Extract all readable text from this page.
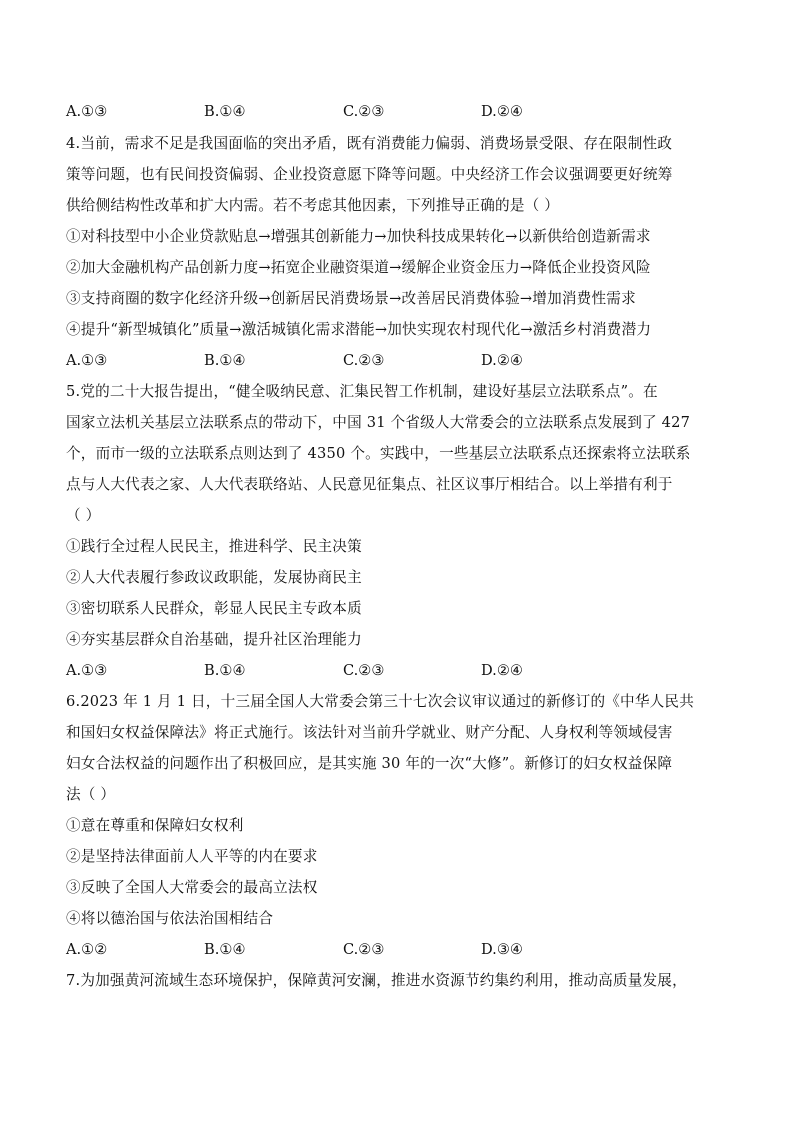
A.①③	B.①④	C.②③	D.②④
4.当前，需求不足是我国面临的突出矛盾，既有消费能力偏弱、消费场景受限、存在限制性政
策等问题，也有民间投资偏弱、企业投资意愿下降等问题。中央经济工作会议强调要更好统筹
供给侧结构性改革和扩大内需。若不考虑其他因素，下列推导正确的是（ ）
①对科技型中小企业贷款贴息→增强其创新能力→加快科技成果转化→以新供给创造新需求
②加大金融机构产品创新力度→拓宽企业融资渠道→缓解企业资金压力→降低企业投资风险
③支持商圈的数字化经济升级→创新居民消费场景→改善居民消费体验→增加消费性需求
④提升“新型城镇化”质量→激活城镇化需求潜能→加快实现农村现代化→激活乡村消费潜力
A.①③	B.①④	C.②③	D.②④
5.党的二十大报告提出，“健全吸纳民意、汇集民智工作机制，建设好基层立法联系点”。在
国家立法机关基层立法联系点的带动下，中国 31 个省级人大常委会的立法联系点发展到了 427
个，而市一级的立法联系点则达到了 4350 个。实践中，一些基层立法联系点还探索将立法联系
点与人大代表之家、人大代表联络站、人民意见征集点、社区议事厅相结合。以上举措有利于
（ ）
①践行全过程人民民主，推进科学、民主决策
②人大代表履行参政议政职能，发展协商民主
③密切联系人民群众，彰显人民民主专政本质
④夯实基层群众自治基础，提升社区治理能力
A.①③	B.①④	C.②③	D.②④
6.2023 年 1 月 1 日，十三届全国人大常委会第三十七次会议审议通过的新修订的《中华人民共
和国妇女权益保障法》将正式施行。该法针对当前升学就业、财产分配、人身权利等领域侵害
妇女合法权益的问题作出了积极回应，是其实施 30 年的一次“大修”。新修订的妇女权益保障
法（ ）
①意在尊重和保障妇女权利
②是坚持法律面前人人平等的内在要求
③反映了全国人大常委会的最高立法权
④将以德治国与依法治国相结合
A.①②	B.①④	C.②③	D.③④
7.为加强黄河流域生态环境保护，保障黄河安澜，推进水资源节约集约利用，推动高质量发展，
